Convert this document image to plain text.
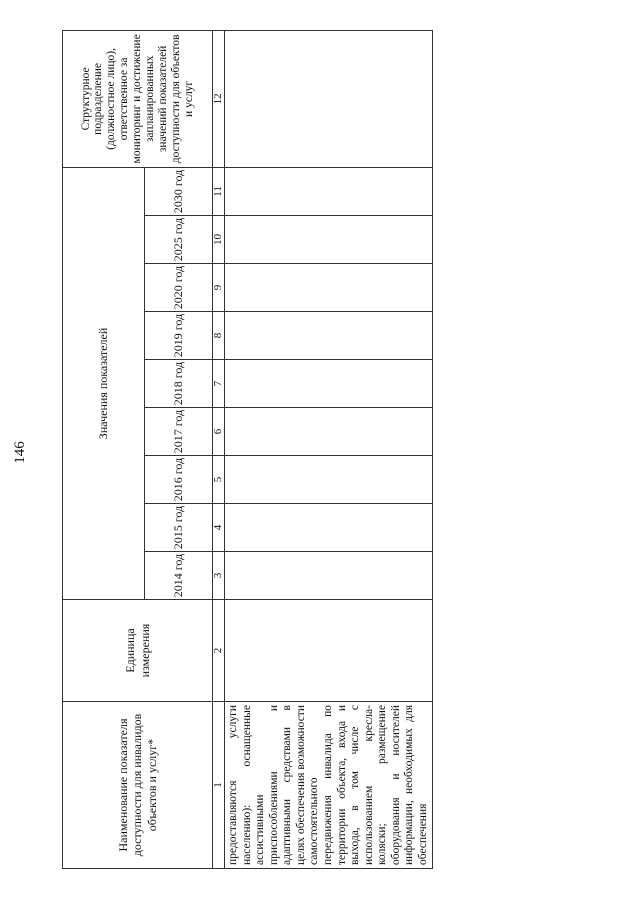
146
Наименование показателя доступности для инвалидов объектов и услуг*	Единица измерения	Значения показателей									Структурное подразделение (должностное лицо), ответственное за мониторинг и достижение запланированных значений показателей доступности для объектов и услуг

		2014 год	2015 год	2016 год	2017 год	2018 год	2019 год	2020 год	2025 год	2030 год	
1	2	3	4	5	6	7	8	9	10	11	12

предоставляются услуги населению): оснащенные ассистивными приспособлениями и адаптивными средствами в целях обеспечения возможности самостоятельного передвижения инвалида по территории объекта, входа и выхода, в том числе с использованием кресла-коляски; размещение оборудования и носителей информации, необходимых для обеспечения											
